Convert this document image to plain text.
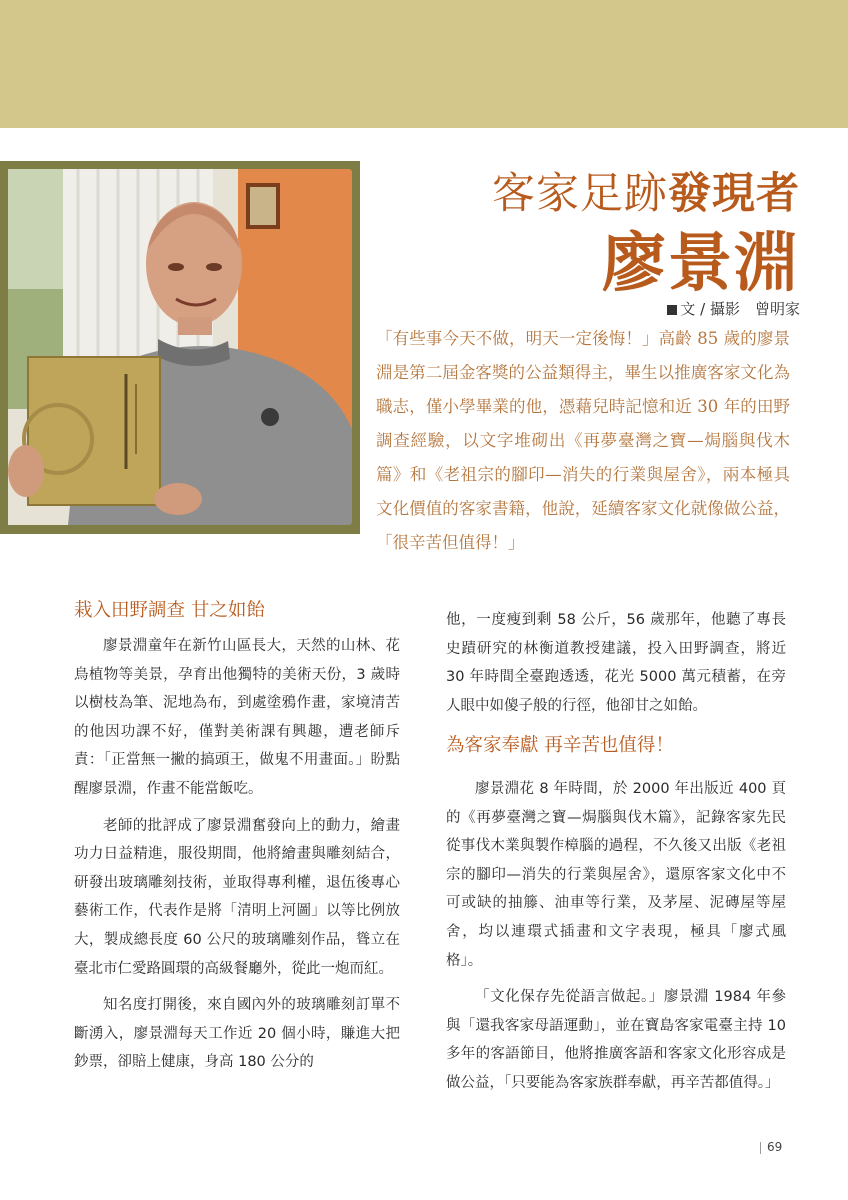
客家足跡發現者
廖景淵
文 / 攝影　曾明家
「有些事今天不做，明天一定後悔！」高齡 85 歲的廖景淵是第二屆金客獎的公益類得主，畢生以推廣客家文化為職志，僅小學畢業的他，憑藉兒時記憶和近 30 年的田野調查經驗，以文字堆砌出《再夢臺灣之寶—焗腦與伐木篇》和《老祖宗的腳印—消失的行業與屋舍》，兩本極具文化價值的客家書籍，他說，延續客家文化就像做公益，「很辛苦但值得！」
栽入田野調查 甘之如飴

廖景淵童年在新竹山區長大，天然的山林、花鳥植物等美景，孕育出他獨特的美術天份，3 歲時以樹枝為筆、泥地為布，到處塗鴉作畫，家境清苦的他因功課不好，僅對美術課有興趣，遭老師斥責：「正當無一撇的搞頭王，做鬼不用畫面。」盼點醒廖景淵，作畫不能當飯吃。

老師的批評成了廖景淵奮發向上的動力，繪畫功力日益精進，服役期間，他將繪畫與雕刻結合，研發出玻璃雕刻技術，並取得專利權，退伍後專心藝術工作，代表作是將「清明上河圖」以等比例放大，製成總長度 60 公尺的玻璃雕刻作品，聳立在臺北市仁愛路圓環的高級餐廳外，從此一炮而紅。

知名度打開後，來自國內外的玻璃雕刻訂單不斷湧入，廖景淵每天工作近 20 個小時，賺進大把鈔票，卻賠上健康，身高 180 公分的

他，一度瘦到剩 58 公斤，56 歲那年，他聽了專長史蹟研究的林衡道教授建議，投入田野調查，將近 30 年時間全臺跑透透，花光 5000 萬元積蓄，在旁人眼中如傻子般的行徑，他卻甘之如飴。

為客家奉獻 再辛苦也值得！

廖景淵花 8 年時間，於 2000 年出版近 400 頁的《再夢臺灣之寶—焗腦與伐木篇》，記錄客家先民從事伐木業與製作樟腦的過程，不久後又出版《老祖宗的腳印—消失的行業與屋舍》，還原客家文化中不可或缺的抽籐、油車等行業，及茅屋、泥磚屋等屋舍，均以連環式插畫和文字表現，極具「廖式風格」。

「文化保存先從語言做起。」廖景淵 1984 年參與「還我客家母語運動」，並在寶島客家電臺主持 10 多年的客語節目，他將推廣客語和客家文化形容成是做公益，「只要能為客家族群奉獻，再辛苦都值得。」

69
